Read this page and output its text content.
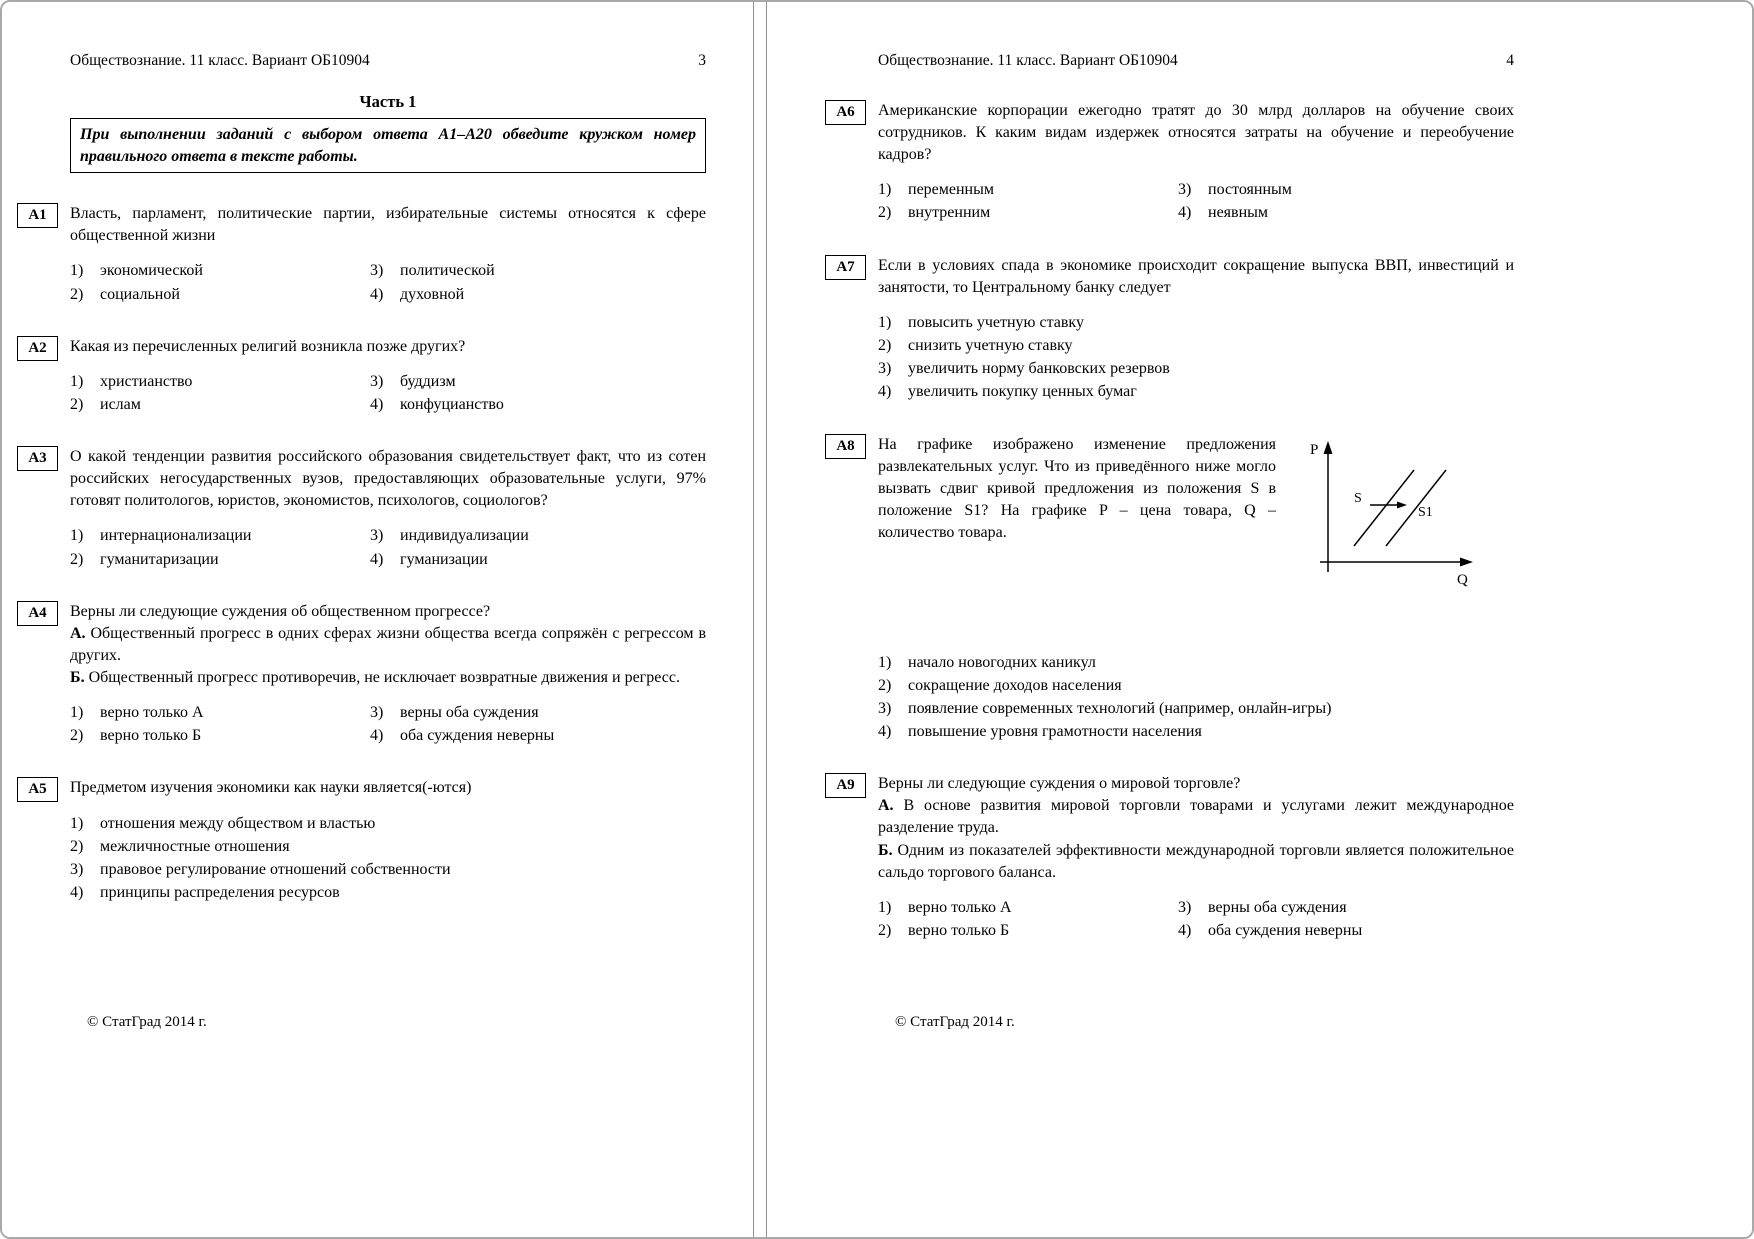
Обществознание. 11 класс. Вариант ОБ10904	3
Часть 1
При выполнении заданий с выбором ответа А1–А20 обведите кружком номер правильного ответа в тексте работы.
A1	Власть, парламент, политические партии, избирательные системы относятся к сфере общественной жизни

1)	экономической
2)	социальной
3)	политической
4)	духовной
A2	Какая из перечисленных религий возникла позже других?

1)	христианство
2)	ислам
3)	буддизм
4)	конфуцианство
A3	О какой тенденции развития российского образования свидетельствует факт, что из сотен российских негосударственных вузов, предоставляющих образовательные услуги, 97% готовят политологов, юристов, экономистов, психологов, социологов?

1)	интернационализации
2)	гуманитаризации
3)	индивидуализации
4)	гуманизации
A4	Верны ли следующие суждения об общественном прогрессе?

А. Общественный прогресс в одних сферах жизни общества всегда сопряжён с регрессом в других.

Б. Общественный прогресс противоречив, не исключает возвратные движения и регресс.

1)	верно только А
2)	верно только Б
3)	верны оба суждения
4)	оба суждения неверны
A5	Предметом изучения экономики как науки является(-ются)

1)	отношения между обществом и властью
2)	межличностные отношения
3)	правовое регулирование отношений собственности
4)	принципы распределения ресурсов
© СтатГрад 2014 г.
Обществознание. 11 класс. Вариант ОБ10904	4
A6	Американские корпорации ежегодно тратят до 30 млрд долларов на обучение своих сотрудников. К каким видам издержек относятся затраты на обучение и переобучение кадров?

1)	переменным
2)	внутренним
3)	постоянным
4)	неявным
A7	Если в условиях спада в экономике происходит сокращение выпуска ВВП, инвестиций и занятости, то Центральному банку следует

1)	повысить учетную ставку
2)	снизить учетную ставку
3)	увеличить норму банковских резервов
4)	увеличить покупку ценных бумаг
A8	На графике изображено изменение предложения развлекательных услуг. Что из приведённого ниже могло вызвать сдвиг кривой предложения из положения S в положение S1? На графике P – цена товара, Q – количество товара.

P
Q
S
S1
1)	начало новогодних каникул
2)	сокращение доходов населения
3)	появление современных технологий (например, онлайн-игры)
4)	повышение уровня грамотности населения
A9	Верны ли следующие суждения о мировой торговле?

А. В основе развития мировой торговли товарами и услугами лежит международное разделение труда.

Б. Одним из показателей эффективности международной торговли является положительное сальдо торгового баланса.

1)	верно только А
2)	верно только Б
3)	верны оба суждения
4)	оба суждения неверны
© СтатГрад 2014 г.
